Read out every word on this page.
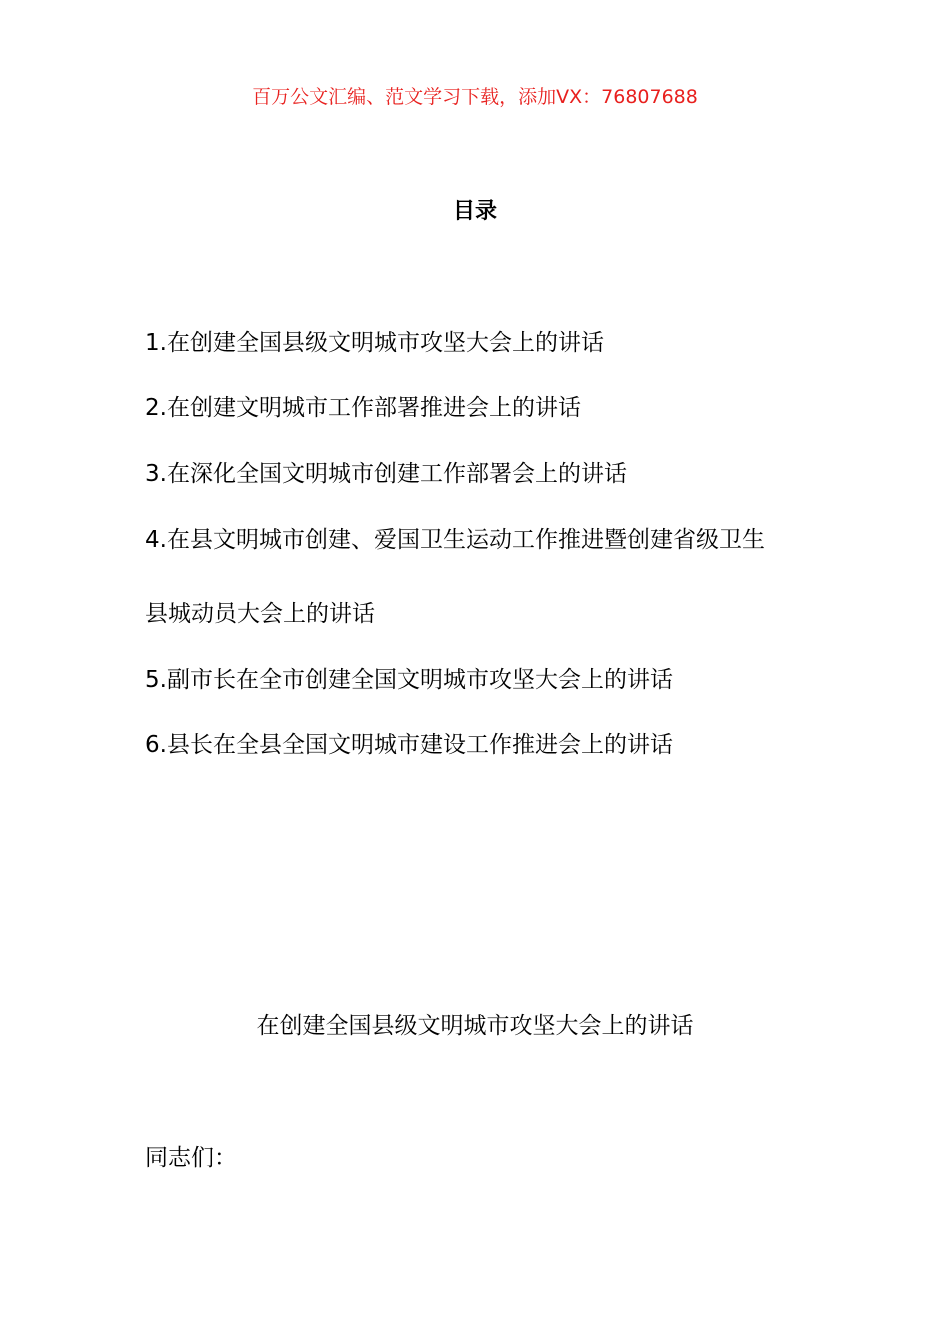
百万公文汇编、范文学习下载，添加VX：76807688
目录
1.在创建全国县级文明城市攻坚大会上的讲话
2.在创建文明城市工作部署推进会上的讲话
3.在深化全国文明城市创建工作部署会上的讲话
4.在县文明城市创建、爱国卫生运动工作推进暨创建省级卫生
县城动员大会上的讲话
5.副市长在全市创建全国文明城市攻坚大会上的讲话
6.县长在全县全国文明城市建设工作推进会上的讲话
在创建全国县级文明城市攻坚大会上的讲话
同志们：
